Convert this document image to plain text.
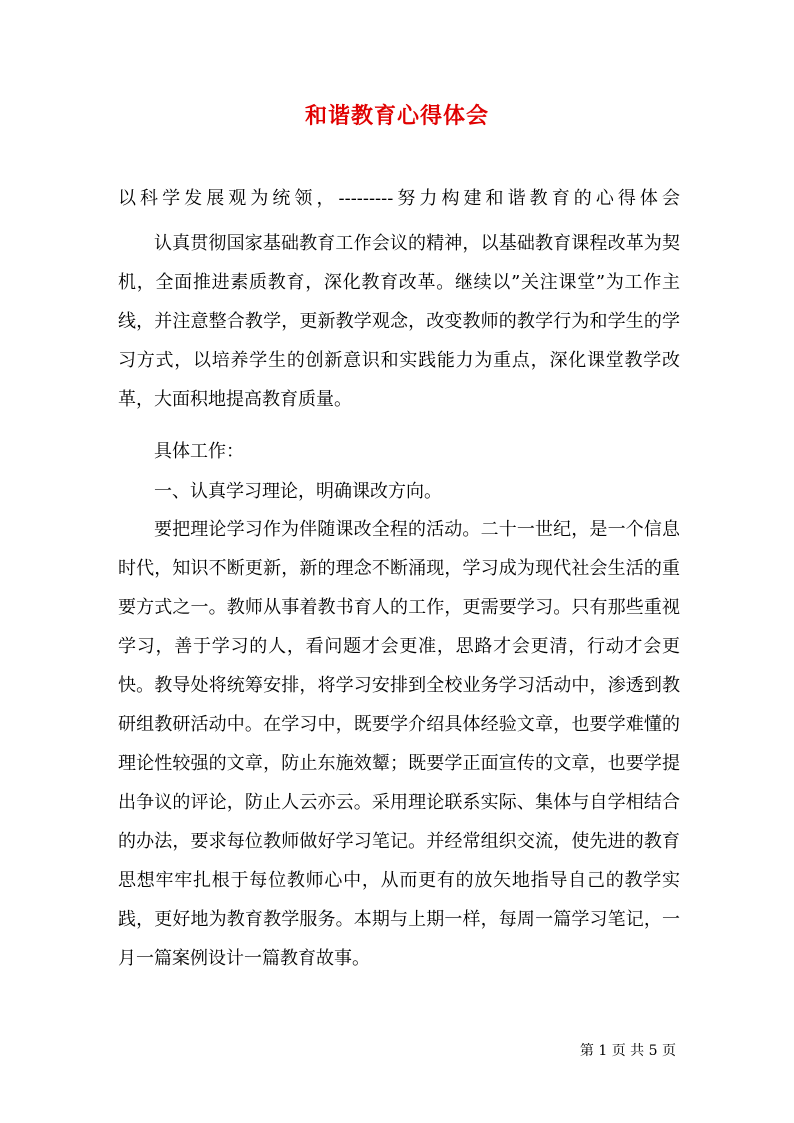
和谐教育心得体会
以科学发展观为统领，---------努力构建和谐教育的心得体会

认真贯彻国家基础教育工作会议的精神，以基础教育课程改革为契机，全面推进素质教育，深化教育改革。继续以”关注课堂”为工作主线，并注意整合教学，更新教学观念，改变教师的教学行为和学生的学习方式，以培养学生的创新意识和实践能力为重点，深化课堂教学改革，大面积地提高教育质量。

具体工作：

一、认真学习理论，明确课改方向。

要把理论学习作为伴随课改全程的活动。二十一世纪，是一个信息时代，知识不断更新，新的理念不断涌现，学习成为现代社会生活的重要方式之一。教师从事着教书育人的工作，更需要学习。只有那些重视学习，善于学习的人，看问题才会更准，思路才会更清，行动才会更快。教导处将统筹安排，将学习安排到全校业务学习活动中，渗透到教研组教研活动中。在学习中，既要学介绍具体经验文章，也要学难懂的理论性较强的文章，防止东施效颦；既要学正面宣传的文章，也要学提出争议的评论，防止人云亦云。采用理论联系实际、集体与自学相结合的办法，要求每位教师做好学习笔记。并经常组织交流，使先进的教育思想牢牢扎根于每位教师心中，从而更有的放矢地指导自己的教学实践，更好地为教育教学服务。本期与上期一样，每周一篇学习笔记，一月一篇案例设计一篇教育故事。

第 1 页 共 5 页
